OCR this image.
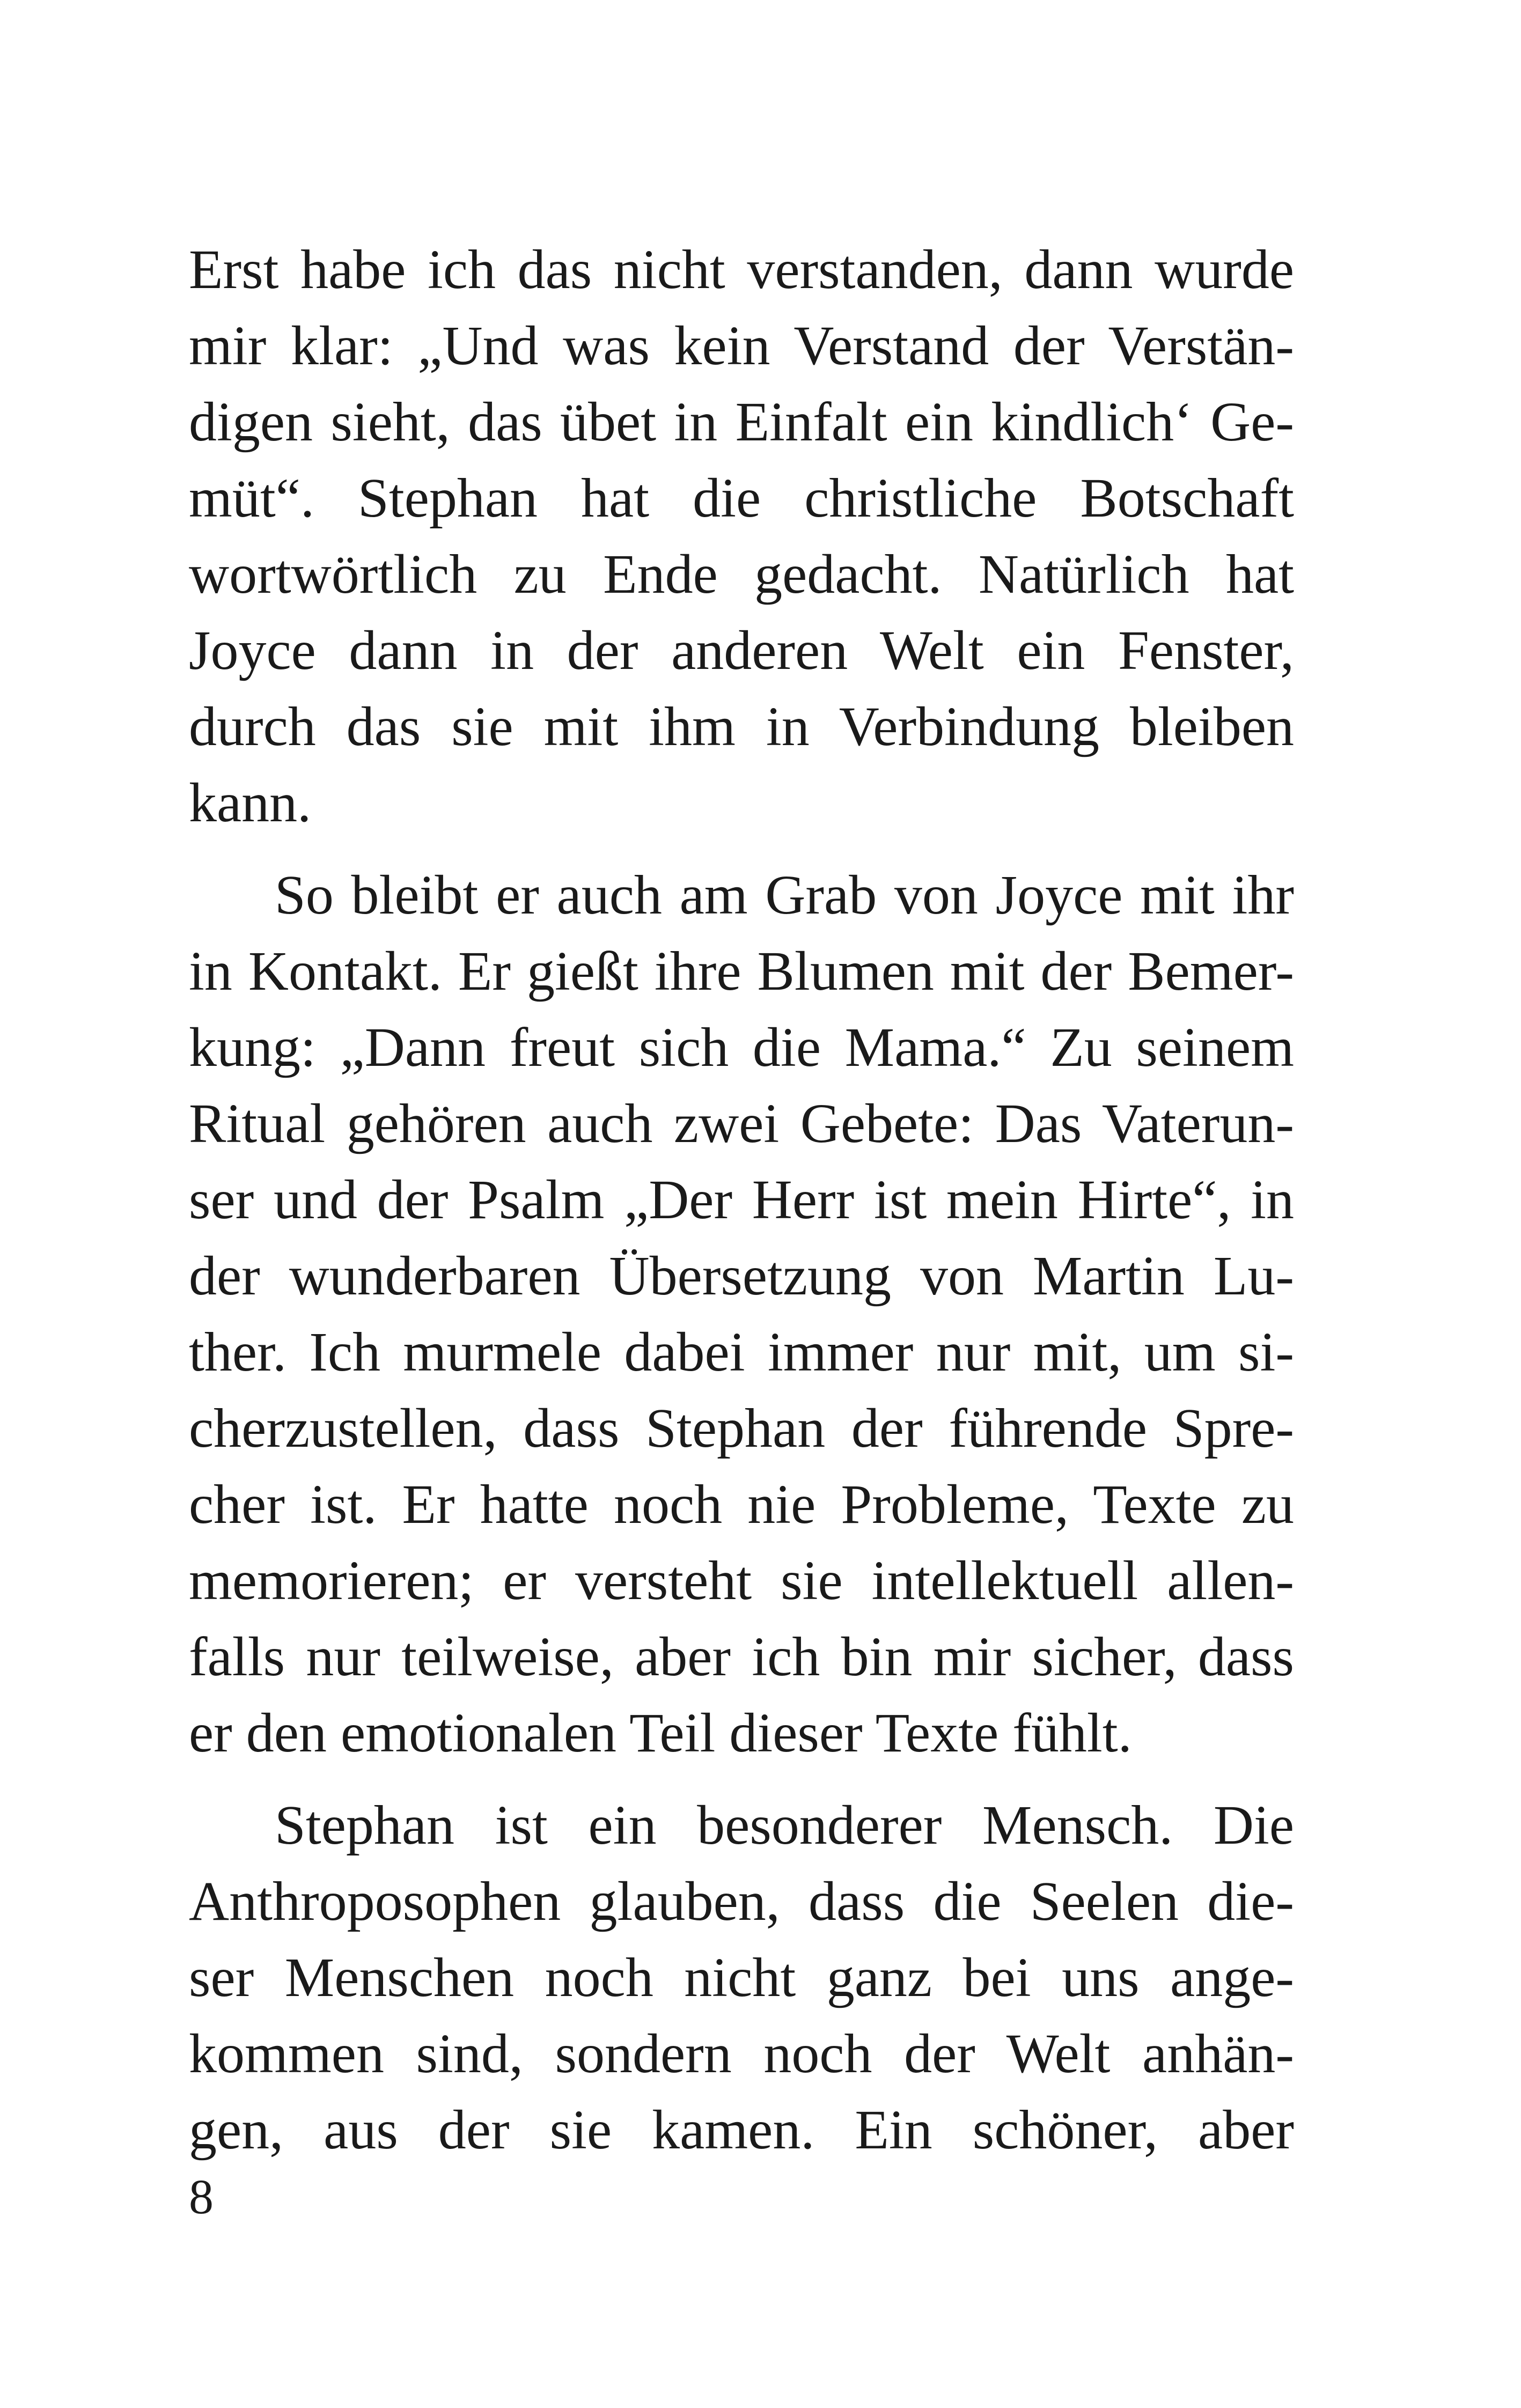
Erst habe ich das nicht verstanden, dann wurde
mir klar: „Und was kein Verstand der Verstän-
digen sieht, das übet in Einfalt ein kindlich‘ Ge-
müt“. Stephan hat die christliche Botschaft
wortwörtlich zu Ende gedacht. Natürlich hat
Joyce dann in der anderen Welt ein Fenster,
durch das sie mit ihm in Verbindung bleiben
kann.
So bleibt er auch am Grab von Joyce mit ihr
in Kontakt. Er gießt ihre Blumen mit der Bemer-
kung: „Dann freut sich die Mama.“ Zu seinem
Ritual gehören auch zwei Gebete: Das Vaterun-
ser und der Psalm „Der Herr ist mein Hirte“, in
der wunderbaren Übersetzung von Martin Lu-
ther. Ich murmele dabei immer nur mit, um si-
cherzustellen, dass Stephan der führende Spre-
cher ist. Er hatte noch nie Probleme, Texte zu
memorieren; er versteht sie intellektuell allen-
falls nur teilweise, aber ich bin mir sicher, dass
er den emotionalen Teil dieser Texte fühlt.
Stephan ist ein besonderer Mensch. Die
Anthroposophen glauben, dass die Seelen die-
ser Menschen noch nicht ganz bei uns ange-
kommen sind, sondern noch der Welt anhän-
gen, aus der sie kamen. Ein schöner, aber
8
